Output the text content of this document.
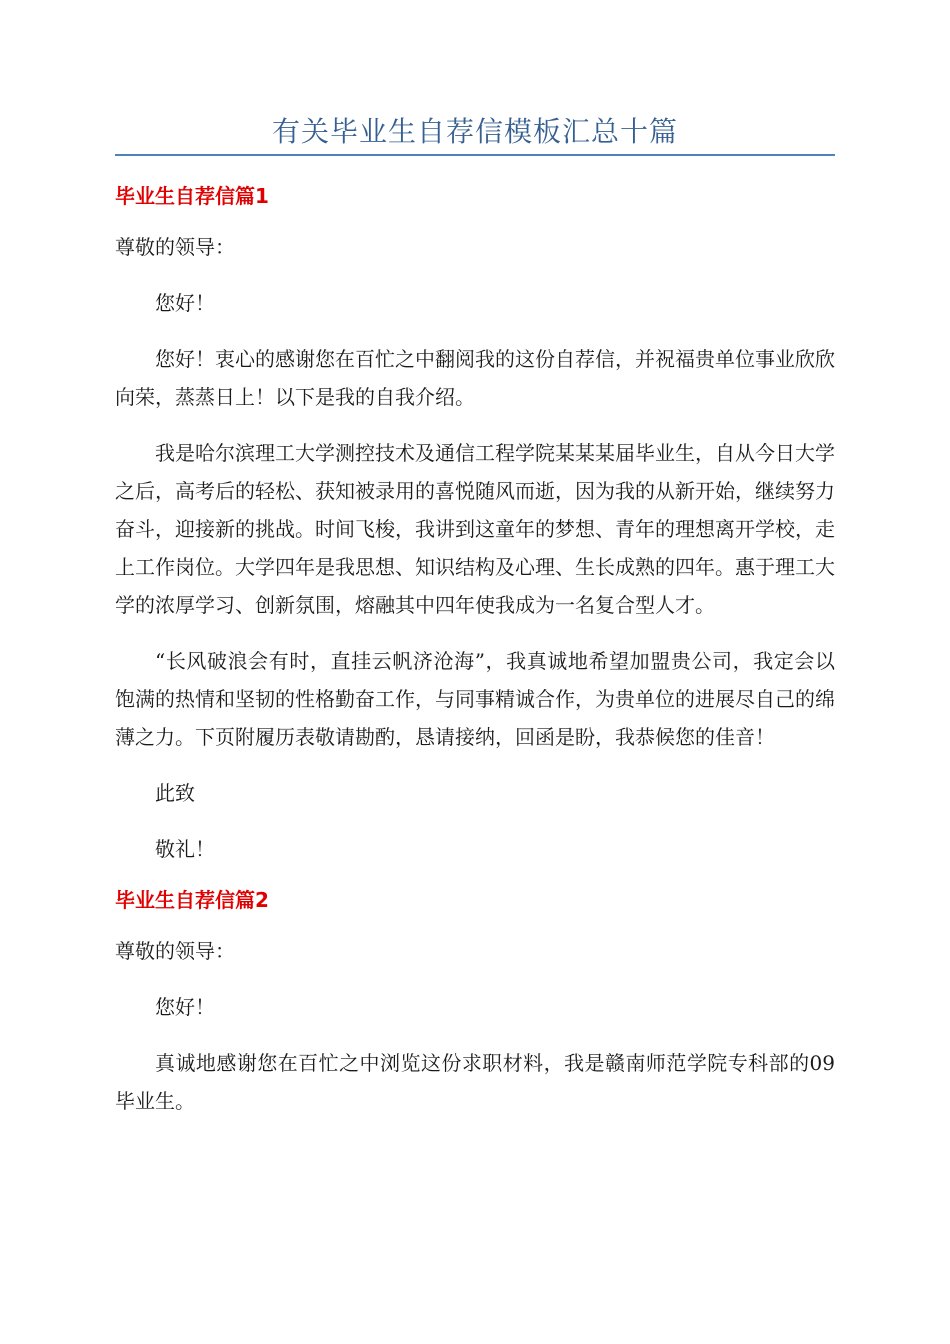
有关毕业生自荐信模板汇总十篇
毕业生自荐信篇1

尊敬的领导：

您好！

您好！衷心的感谢您在百忙之中翻阅我的这份自荐信，并祝福贵单位事业欣欣向荣，蒸蒸日上！以下是我的自我介绍。

我是哈尔滨理工大学测控技术及通信工程学院某某某届毕业生，自从今日大学之后，高考后的轻松、获知被录用的喜悦随风而逝，因为我的从新开始，继续努力奋斗，迎接新的挑战。时间飞梭，我讲到这童年的梦想、青年的理想离开学校，走上工作岗位。大学四年是我思想、知识结构及心理、生长成熟的四年。惠于理工大学的浓厚学习、创新氛围，熔融其中四年使我成为一名复合型人才。

“长风破浪会有时，直挂云帆济沧海”，我真诚地希望加盟贵公司，我定会以饱满的热情和坚韧的性格勤奋工作，与同事精诚合作，为贵单位的进展尽自己的绵薄之力。下页附履历表敬请勘酌，恳请接纳，回函是盼，我恭候您的佳音！

此致

敬礼！

毕业生自荐信篇2

尊敬的领导：

您好！

真诚地感谢您在百忙之中浏览这份求职材料，我是赣南师范学院专科部的09毕业生。
